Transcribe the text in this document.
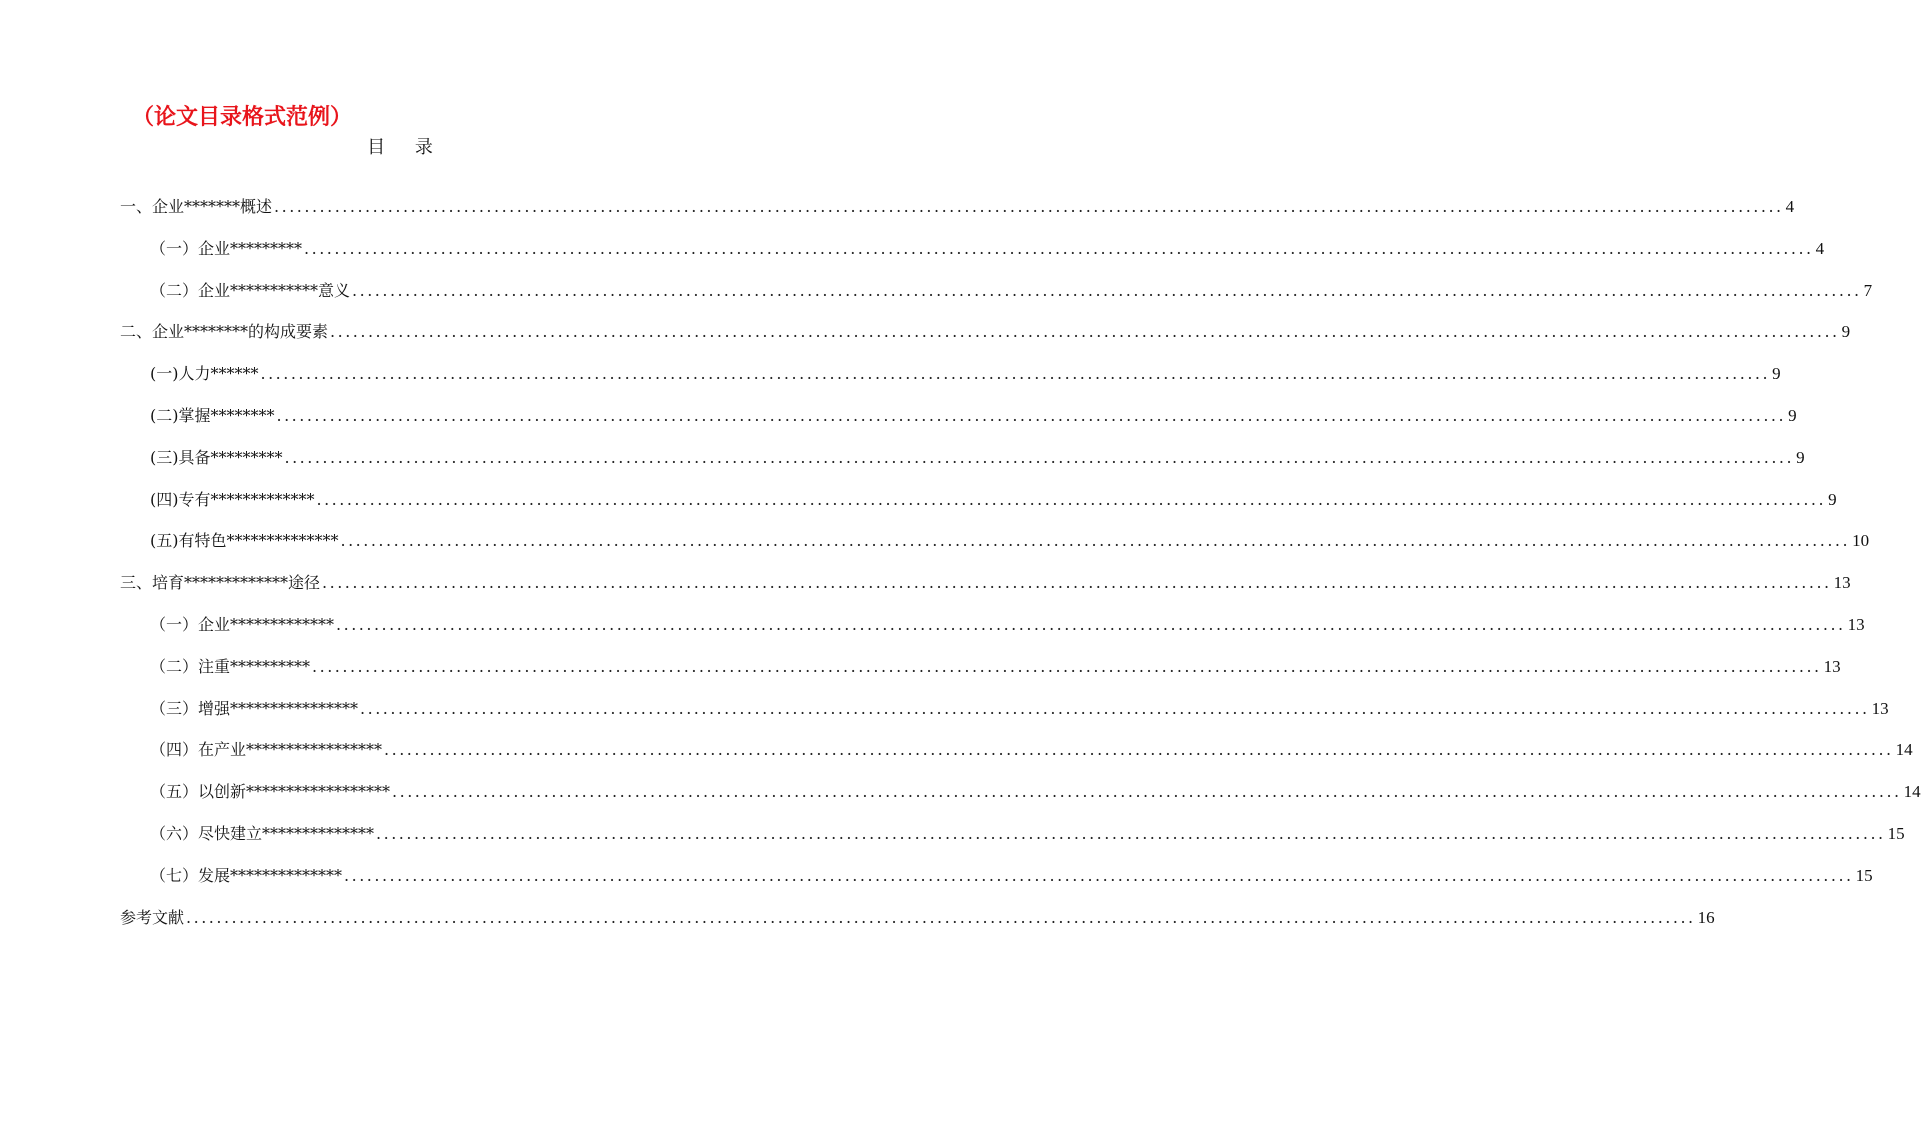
（论文目录格式范例）
目 录
一、企业*******概述 ....................................................................................................................................................................................................... 4
（一）企业********* ....................................................................................................................................................................................................... 4
（二）企业***********意义 ....................................................................................................................................................................................................... 7
二、企业********的构成要素 ....................................................................................................................................................................................................... 9
(一)人力****** ....................................................................................................................................................................................................... 9
(二)掌握******** ....................................................................................................................................................................................................... 9
(三)具备********* ....................................................................................................................................................................................................... 9
(四)专有************* ....................................................................................................................................................................................................... 9
(五)有特色************** ....................................................................................................................................................................................................... 10
三、培育*************途径 ....................................................................................................................................................................................................... 13
（一）企业************* ....................................................................................................................................................................................................... 13
（二）注重********** ....................................................................................................................................................................................................... 13
（三）增强**************** ....................................................................................................................................................................................................... 13
（四）在产业***************** ....................................................................................................................................................................................................... 14
（五）以创新****************** ....................................................................................................................................................................................................... 14
（六）尽快建立************** ....................................................................................................................................................................................................... 15
（七）发展************** ....................................................................................................................................................................................................... 15
参考文献 ....................................................................................................................................................................................................... 16
